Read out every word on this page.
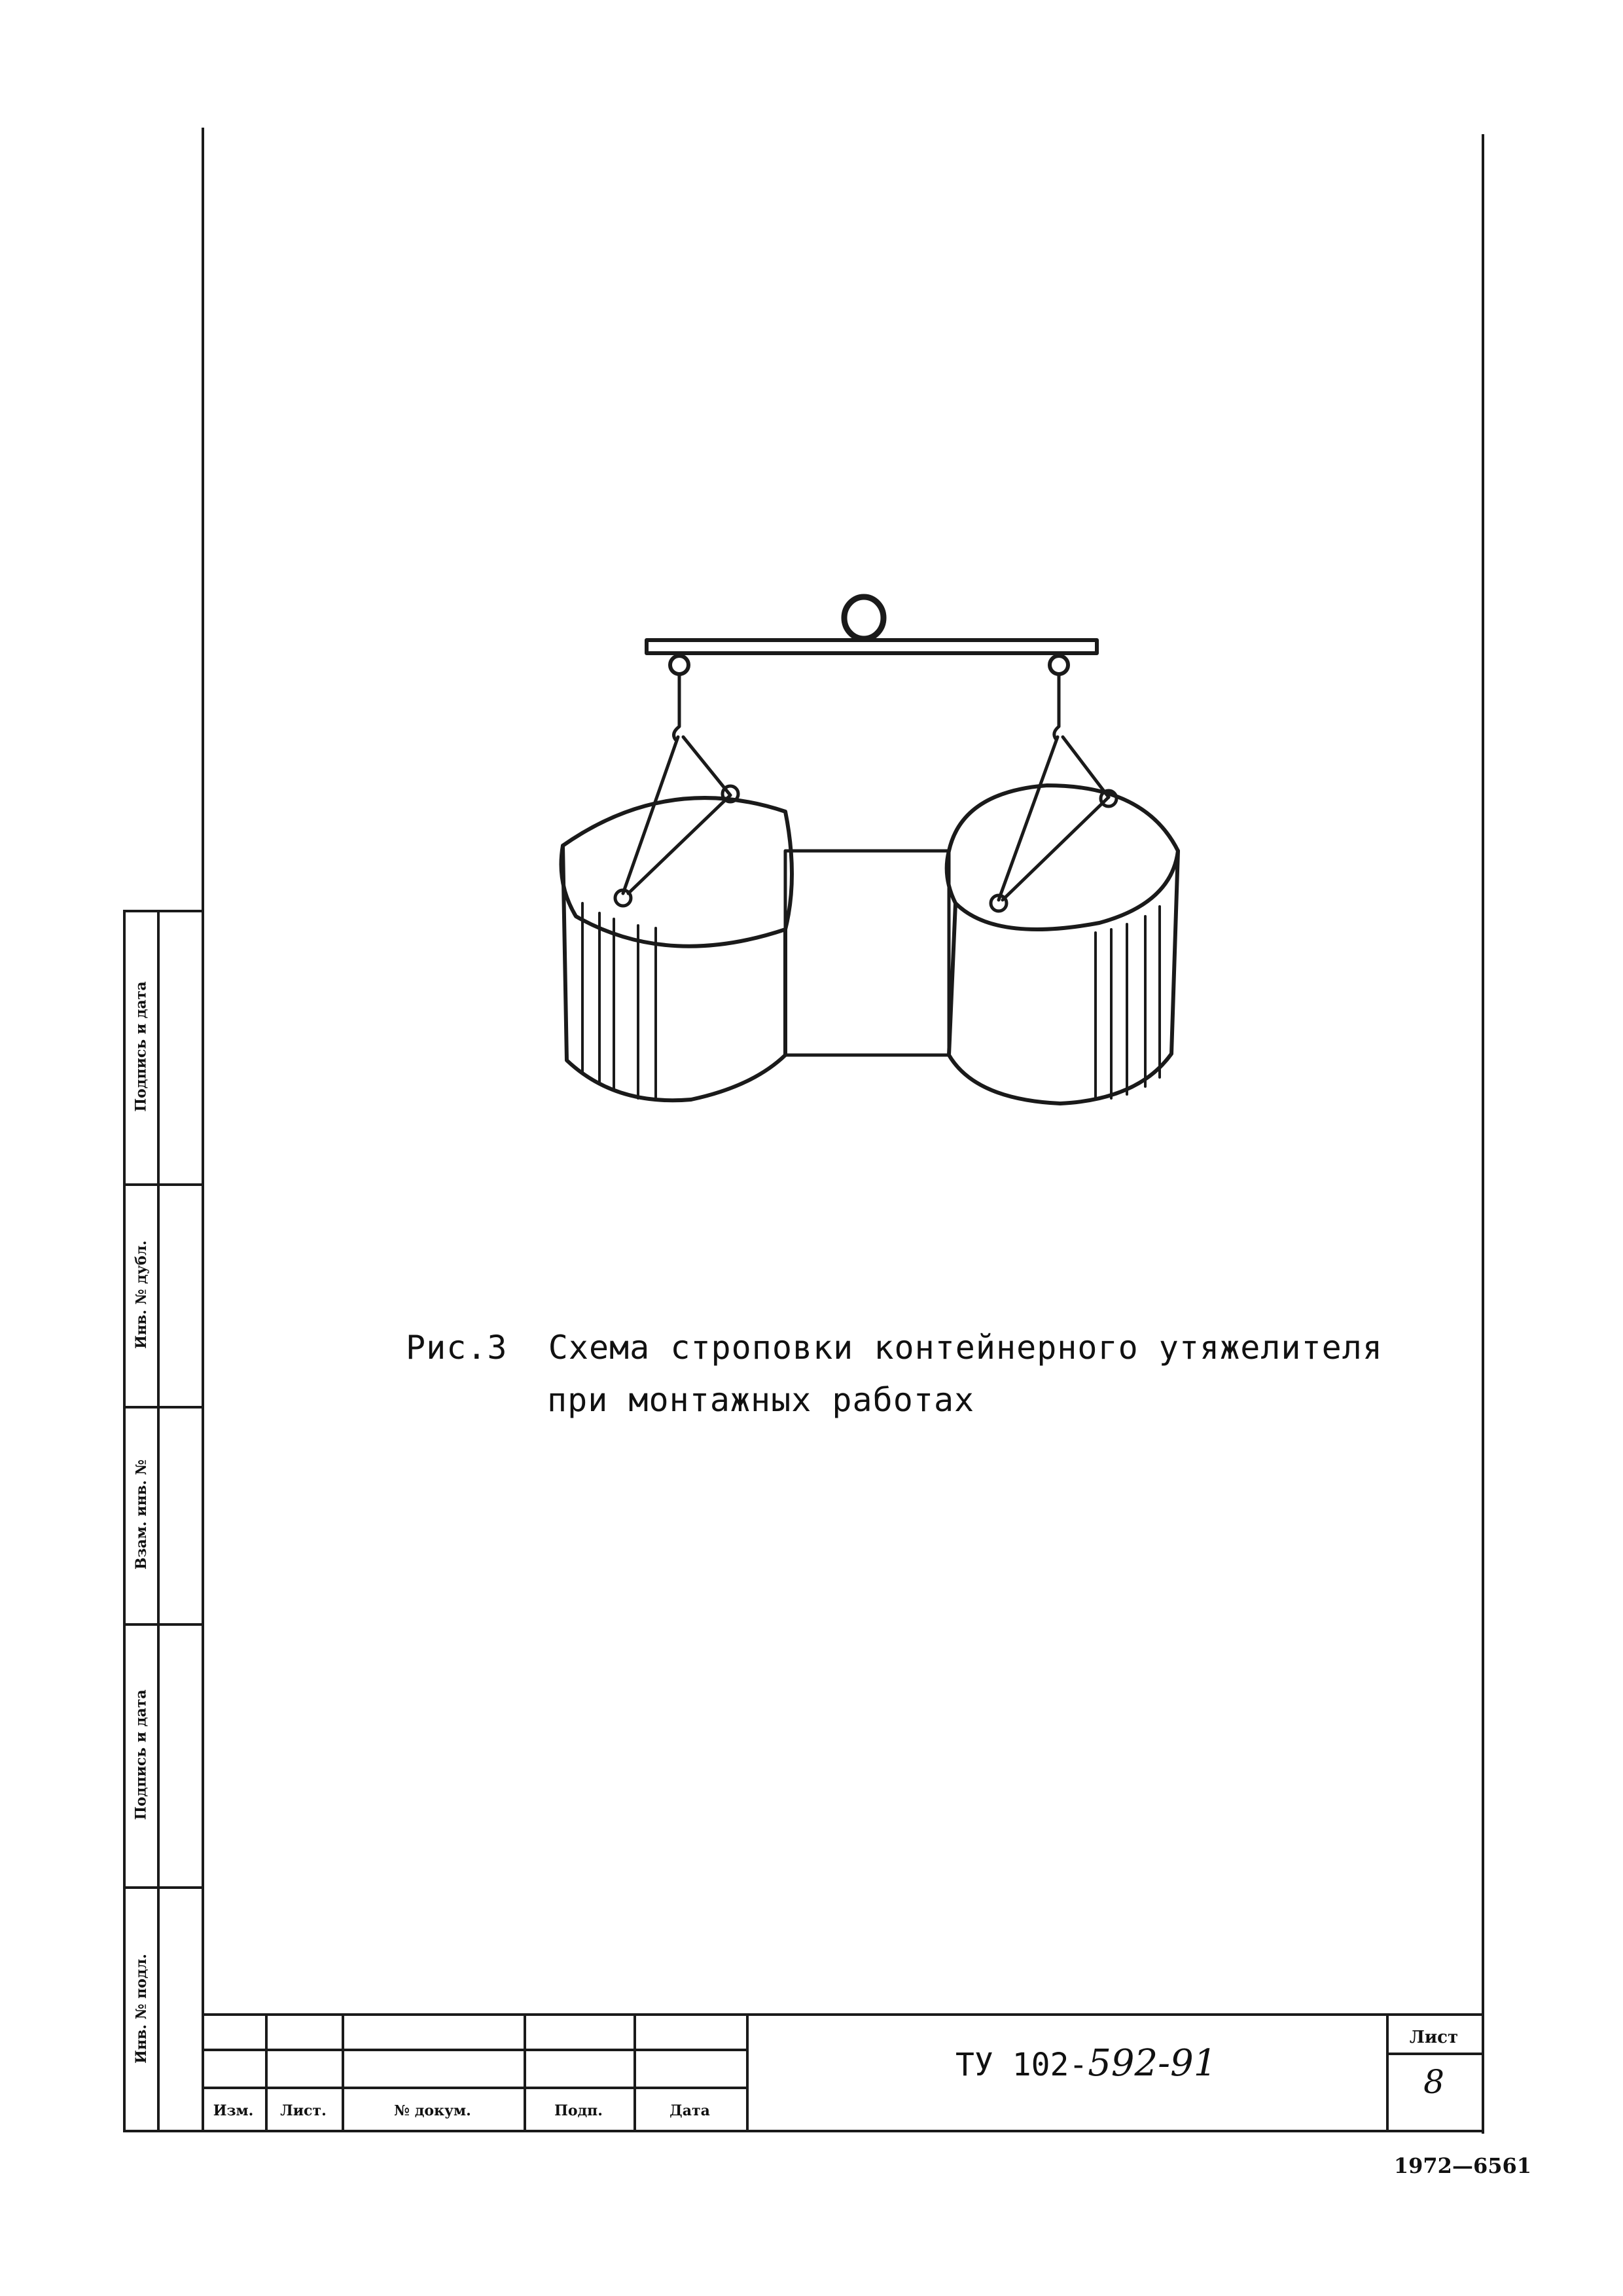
Подпись и дата
Инв. № дубл.
Взам. инв. №
Подпись и дата
Инв. № подл.
Рис.3 Схема строповки контейнерного утяжелителя
при монтажных работах
Изм.	Лист.	№ докум.	Подп.	Дата
ТУ 102-592-91
Лист
8
1972—6561
